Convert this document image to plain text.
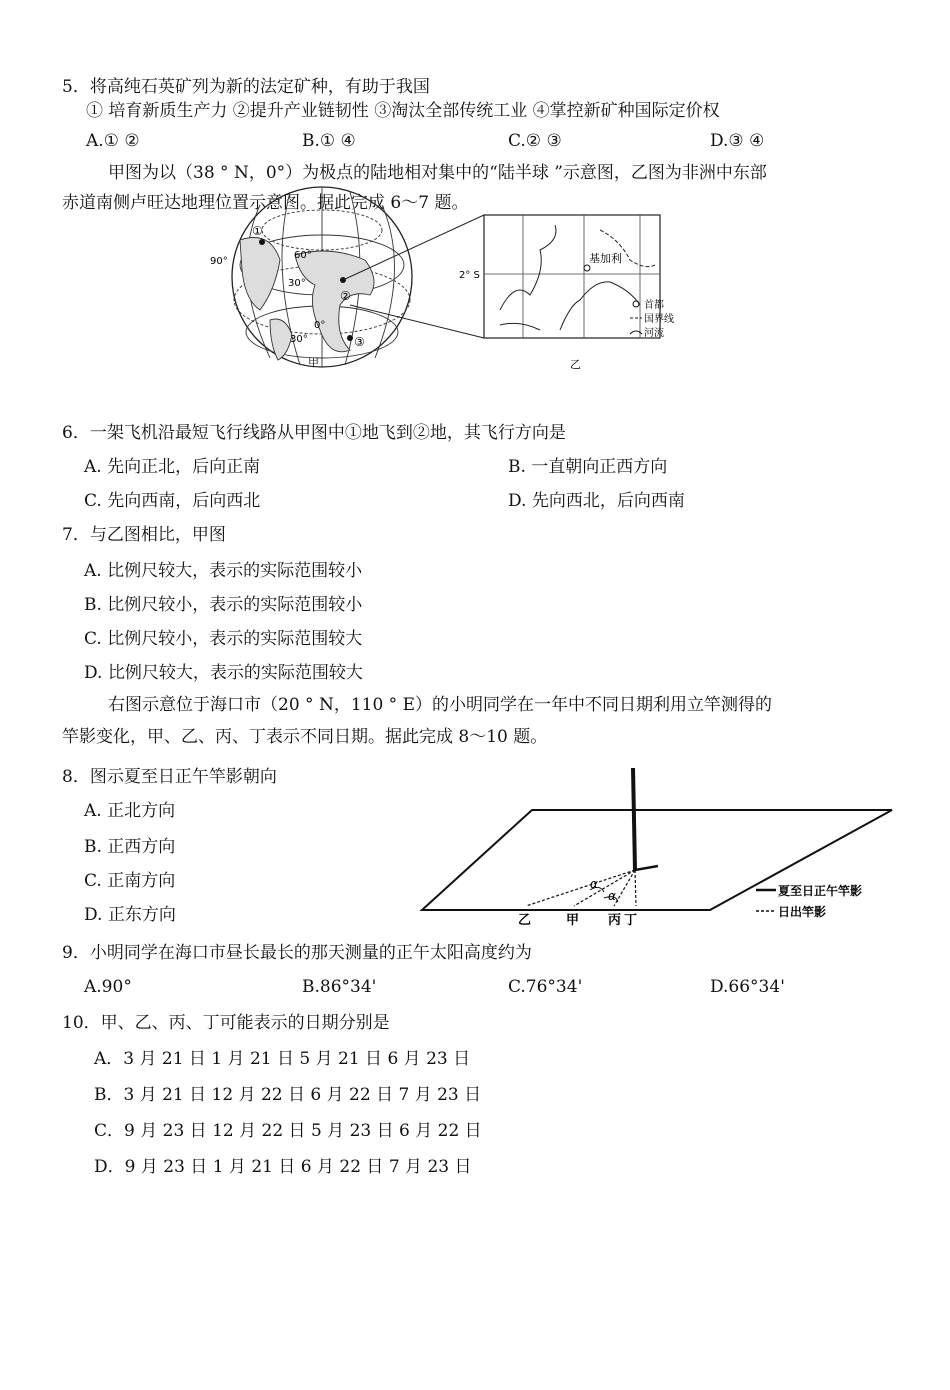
5．将高纯石英矿列为新的法定矿种，有助于我国
① 培育新质生产力 ②提升产业链韧性 ③淘汰全部传统工业 ④掌控新矿种国际定价权
A.① ②	B.① ④	C.② ③	D.③ ④
甲图为以（38 ° N，0°）为极点的陆地相对集中的“陆半球 ”示意图，乙图为非洲中东部
赤道南侧卢旺达地理位置示意图。据此完成 6～7 题。
①
②
③
90°
60°
30°
0°
30°
甲
基加利
2° S
首都
国界线
河流
乙
6．一架飞机沿最短飞行线路从甲图中①地飞到②地，其飞行方向是
A. 先向正北，后向正南	B. 一直朝向正西方向
C. 先向西南，后向西北	D. 先向西北，后向西南
7．与乙图相比，甲图
A. 比例尺较大，表示的实际范围较小
B. 比例尺较小，表示的实际范围较小
C. 比例尺较小，表示的实际范围较大
D. 比例尺较大，表示的实际范围较大
右图示意位于海口市（20 ° N，110 ° E）的小明同学在一年中不同日期利用立竿测得的
竿影变化，甲、乙、丙、丁表示不同日期。据此完成 8～10 题。
8．图示夏至日正午竿影朝向
A. 正北方向
B. 正西方向
C. 正南方向
D. 正东方向
α
α
乙	甲 丙 丁
夏至日正午竿影
日出竿影
9．小明同学在海口市昼长最长的那天测量的正午太阳高度约为
A.90°	B.86°34'	C.76°34'	D.66°34'
10．甲、乙、丙、丁可能表示的日期分别是
A．3 月 21 日 1 月 21 日 5 月 21 日 6 月 23 日
B．3 月 21 日 12 月 22 日 6 月 22 日 7 月 23 日
C．9 月 23 日 12 月 22 日 5 月 23 日 6 月 22 日
D．9 月 23 日 1 月 21 日 6 月 22 日 7 月 23 日
